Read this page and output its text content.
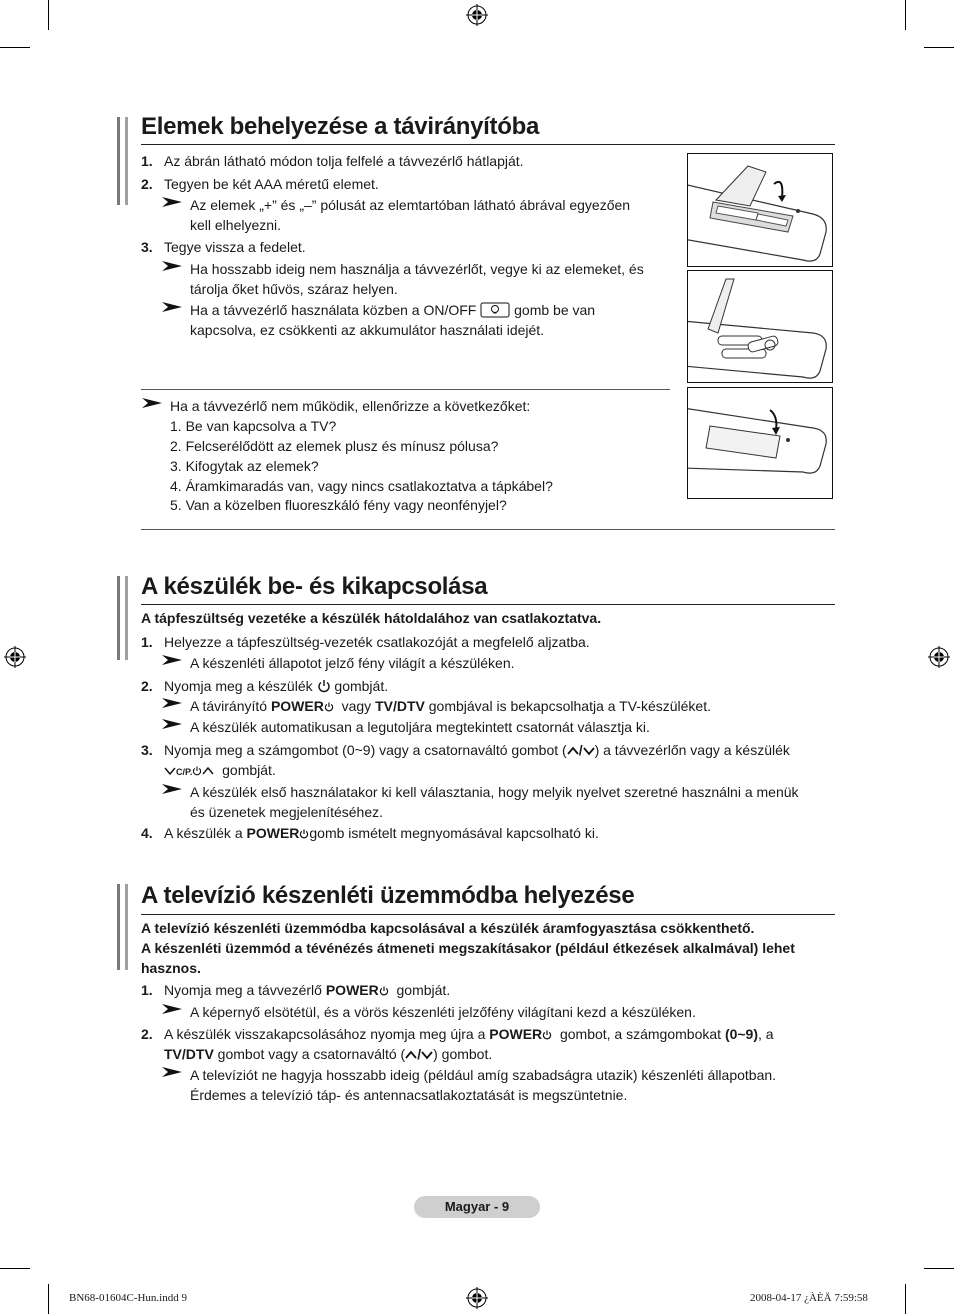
Elemek behelyezése a távirányítóba
1. Az ábrán látható módon tolja felfelé a távvezérlő hátlapját.
2. Tegyen be két AAA méretű elemet.
Az elemek „+” és „–” pólusát az elemtartóban látható ábrával egyezően
kell elhelyezni.
3. Tegye vissza a fedelet.
Ha hosszabb ideig nem használja a távvezérlőt, vegye ki az elemeket, és
tárolja őket hűvös, száraz helyen.
Ha a távvezérlő használata közben a ON/OFF	gomb be van
kapcsolva, ez csökkenti az akkumulátor használati idejét.
Ha a távvezérlő nem működik, ellenőrizze a következőket:
1. Be van kapcsolva a TV?
2. Felcserélődött az elemek plusz és mínusz pólusa?
3. Kifogytak az elemek?
4. Áramkimaradás van, vagy nincs csatlakoztatva a tápkábel?
5. Van a közelben fluoreszkáló fény vagy neonfényjel?
A készülék be- és kikapcsolása
A tápfeszültség vezetéke a készülék hátoldalához van csatlakoztatva.
1. Helyezze a tápfeszültség-vezeték csatlakozóját a megfelelő aljzatba.
A készenléti állapotot jelző fény világít a készüléken.
2. Nyomja meg a készülék gombját.
A távirányító POWER vagy TV/DTV gombjával is bekapcsolhatja a TV-készüléket.
A készülék automatikusan a legutoljára megtekintett csatornát választja ki.
3. Nyomja meg a számgombot (0~9) vagy a csatornaváltó gombot ( / ) a távvezérlőn vagy a készülék
C/P. gombját.
A készülék első használatakor ki kell választania, hogy melyik nyelvet szeretné használni a menük
és üzenetek megjelenítéséhez.
4. A készülék a POWER gomb ismételt megnyomásával kapcsolható ki.
A televízió készenléti üzemmódba helyezése
A televízió készenléti üzemmódba kapcsolásával a készülék áramfogyasztása csökkenthető.
A készenléti üzemmód a tévénézés átmeneti megszakításakor (például étkezések alkalmával) lehet
hasznos.
1. Nyomja meg a távvezérlő POWER gombját.
A képernyő elsötétül, és a vörös készenléti jelzőfény világítani kezd a készüléken.
2. A készülék visszakapcsolásához nyomja meg újra a POWER gombot, a számgombokat (0~9), a
TV/DTV gombot vagy a csatornaváltó ( / ) gombot.
A televíziót ne hagyja hosszabb ideig (például amíg szabadságra utazik) készenléti állapotban.
Érdemes a televízió táp- és antennacsatlakoztatását is megszüntetnie.
Magyar - 9
BN68-01604C-Hun.indd 9	2008-04-17 ¿ÀÈÄ 7:59:58
